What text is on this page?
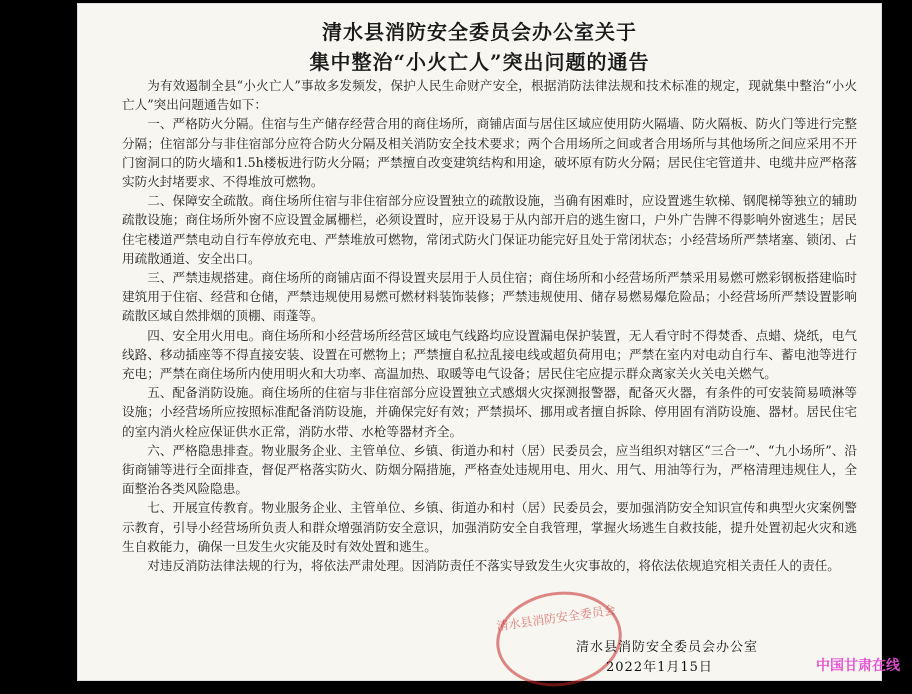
清水县消防安全委员会办公室关于
集中整治“小火亡人”突出问题的通告

为有效遏制全县“小火亡人”事故多发频发，保护人民生命财产安全，根据消防法律法规和技术标准的规定，现就集中整治“小火亡人”突出问题通告如下：

一、严格防火分隔。住宿与生产储存经营合用的商住场所，商铺店面与居住区域应使用防火隔墙、防火隔板、防火门等进行完整分隔；住宿部分与非住宿部分应符合防火分隔及相关消防安全技术要求；两个合用场所之间或者合用场所与其他场所之间应采用不开门窗洞口的防火墙和1.5h楼板进行防火分隔；严禁擅自改变建筑结构和用途，破坏原有防火分隔；居民住宅管道井、电缆井应严格落实防火封堵要求、不得堆放可燃物。

二、保障安全疏散。商住场所住宿与非住宿部分应设置独立的疏散设施，当确有困难时，应设置逃生软梯、钢爬梯等独立的辅助疏散设施；商住场所外窗不应设置金属栅栏，必须设置时，应开设易于从内部开启的逃生窗口，户外广告牌不得影响外窗逃生；居民住宅楼道严禁电动自行车停放充电、严禁堆放可燃物，常闭式防火门保证功能完好且处于常闭状态；小经营场所严禁堵塞、锁闭、占用疏散通道、安全出口。

三、严禁违规搭建。商住场所的商铺店面不得设置夹层用于人员住宿；商住场所和小经营场所严禁采用易燃可燃彩钢板搭建临时建筑用于住宿、经营和仓储，严禁违规使用易燃可燃材料装饰装修；严禁违规使用、储存易燃易爆危险品；小经营场所严禁设置影响疏散区域自然排烟的顶棚、雨蓬等。

四、安全用火用电。商住场所和小经营场所经营区域电气线路均应设置漏电保护装置，无人看守时不得焚香、点蜡、烧纸，电气线路、移动插座等不得直接安装、设置在可燃物上；严禁擅自私拉乱接电线或超负荷用电；严禁在室内对电动自行车、蓄电池等进行充电；严禁在商住场所内使用明火和大功率、高温加热、取暖等电气设备；居民住宅应提示群众离家关火关电关燃气。

五、配备消防设施。商住场所的住宿与非住宿部分应设置独立式感烟火灾探测报警器，配备灭火器，有条件的可安装简易喷淋等设施；小经营场所应按照标准配备消防设施，并确保完好有效；严禁损坏、挪用或者擅自拆除、停用固有消防设施、器材。居民住宅的室内消火栓应保证供水正常，消防水带、水枪等器材齐全。

六、严格隐患排查。物业服务企业、主管单位、乡镇、街道办和村（居）民委员会，应当组织对辖区“三合一”、“九小场所”、沿街商铺等进行全面排查，督促严格落实防火、防烟分隔措施，严格查处违规用电、用火、用气、用油等行为，严格清理违规住人，全面整治各类风险隐患。

七、开展宣传教育。物业服务企业、主管单位、乡镇、街道办和村（居）民委员会，要加强消防安全知识宣传和典型火灾案例警示教育，引导小经营场所负责人和群众增强消防安全意识，加强消防安全自我管理，掌握火场逃生自救技能，提升处置初起火灾和逃生自救能力，确保一旦发生火灾能及时有效处置和逃生。

对违反消防法律法规的行为，将依法严肃处理。因消防责任不落实导致发生火灾事故的，将依法依规追究相关责任人的责任。

清水县消防安全委员会
清水县消防安全委员会办公室
2022年1月15日	中国甘肃在线
